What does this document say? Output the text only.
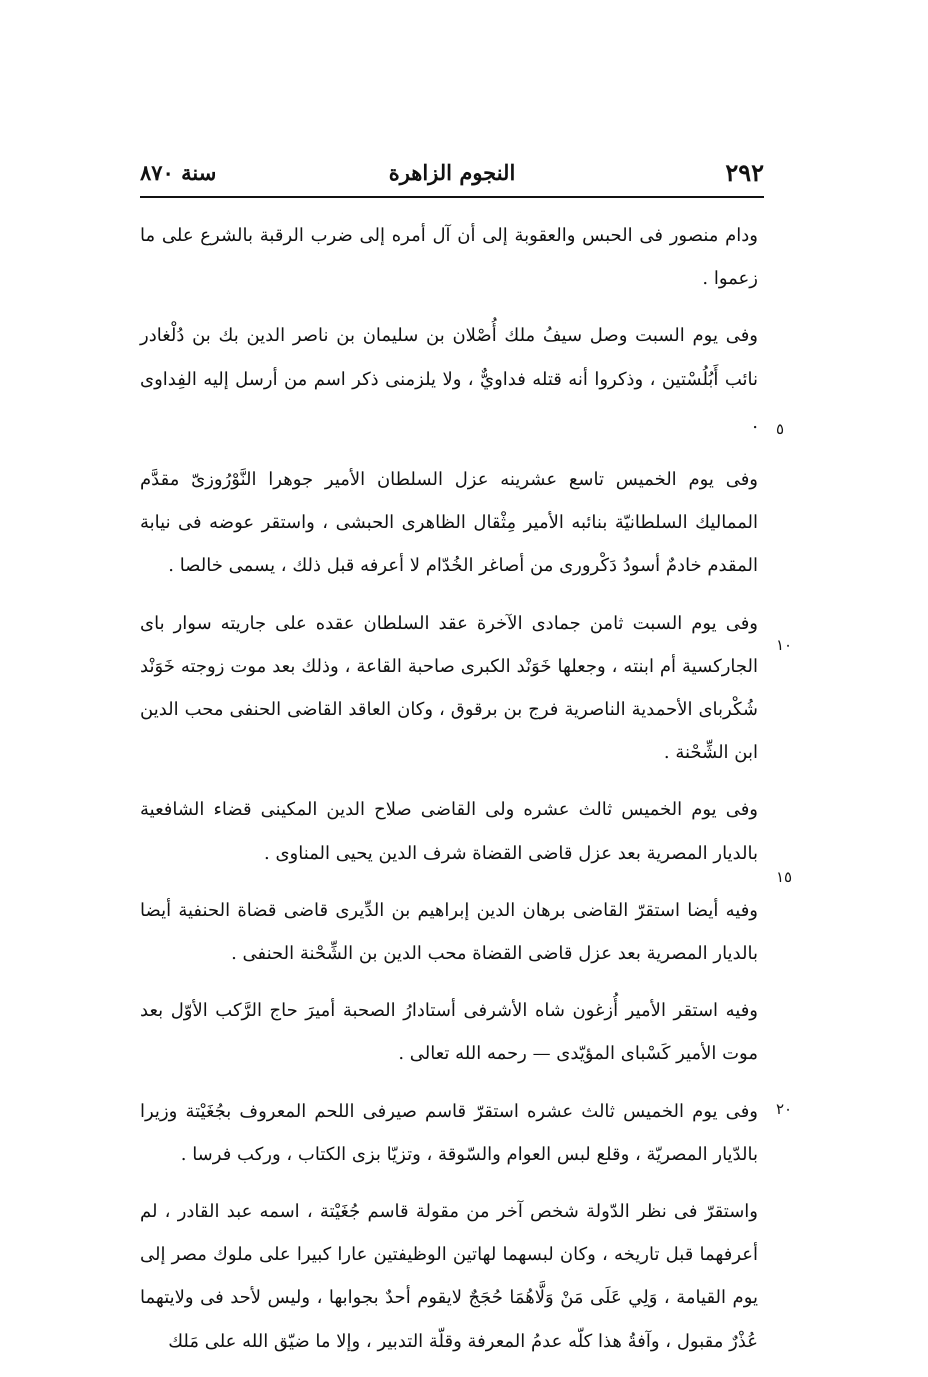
٢٩٢
النجوم الزاهرة
سنة ٨٧٠
٥
١٠
١٥
٢٠

ودام منصور فى الحبس والعقوبة إلى أن آل أمره إلى ضرب الرقبة بالشرع على ما زعموا .

وفى يوم السبت وصل سيفُ ملك أُصْلان بن سليمان بن ناصر الدين بك بن دُلْغادر نائب أَبُلُسْتين ، وذكروا أنه قتله فداويٌّ ، ولا يلزمنى ذكر اسم من أرسل إليه الفِداوى .

وفى يوم الخميس تاسع عشرينه عزل السلطان الأمير جوهرا النَّوْرُوزىّ مقدَّم المماليك السلطانيّة بنائبه الأمير مِثْقال الظاهرى الحبشى ، واستقر عوضه فى نيابة المقدم خادمٌ أسودُ دَكْرورى من أصاغر الخُدّام لا أعرفه قبل ذلك ، يسمى خالصا .

وفى يوم السبت ثامن جمادى الآخرة عقد السلطان عقده على جاريته سوار باى الجاركسية أم ابنته ، وجعلها خَوَنْد الكبرى صاحبة القاعة ، وذلك بعد موت زوجته خَوَنْد شُكْرباى الأحمدية الناصرية فرج بن برقوق ، وكان العاقد القاضى الحنفى محب الدين ابن الشِّحْنة .

وفى يوم الخميس ثالث عشره ولى القاضى صلاح الدين المكينى قضاء الشافعية بالديار المصرية بعد عزل قاضى القضاة شرف الدين يحيى المناوى .

وفيه أيضا استقرّ القاضى برهان الدين إبراهيم بن الدِّيرى قاضى قضاة الحنفية أيضا بالديار المصرية بعد عزل قاضى القضاة محب الدين بن الشِّحْنة الحنفى .

وفيه استقر الأمير أُزغون شاه الأشرفى أستادارُ الصحبة أميرَ حاج الرَّكب الأوّل بعد موت الأمير كَسْباى المؤيّدى — رحمه الله تعالى .

وفى يوم الخميس ثالث عشره استقرّ قاسم صيرفى اللحم المعروف بجُغَيْتة وزيرا بالدّيار المصريّة ، وقلع لبس العوام والسّوقة ، وتزيّا بزى الكتاب ، وركب فرسا .

واستقرّ فى نظر الدّولة شخص آخر من مقولة قاسم جُغَيْتة ، اسمه عبد القادر ، لم أعرفهما قبل تاريخه ، وكان لبسهما لهاتين الوظيفتين عارا كبيرا على ملوك مصر إلى يوم القيامة ، وَلِي عَلَى مَنْ وَلَّاهُمَا حُجَجٌ لايقوم أحدٌ بجوابها ، وليس لأحد فى ولايتهما عُذْرٌ مقبول ، وآفةُ هذا كلّه عدمُ المعرفة وقلّة التدبير ، وإلا ما ضيّق الله على مَلك
